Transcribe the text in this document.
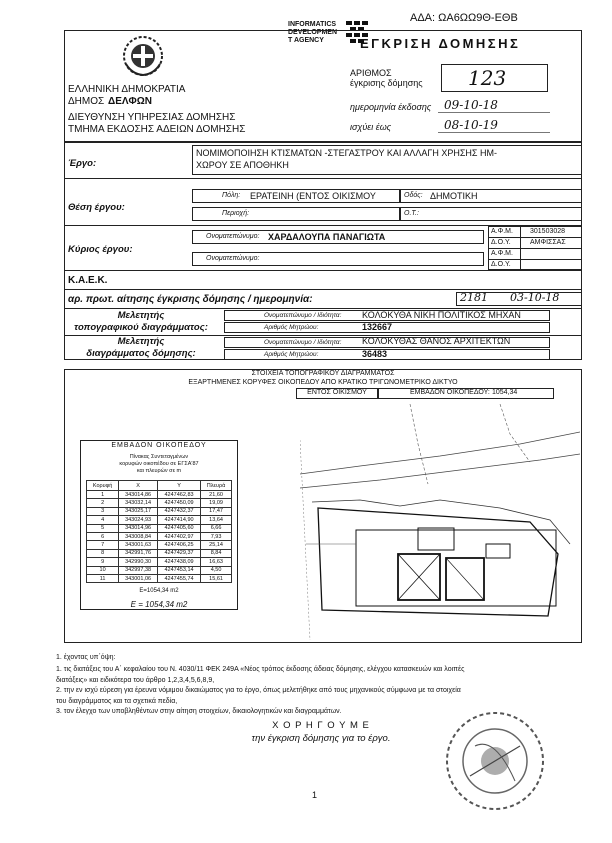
ΑΔΑ: ΩΑ6ΩΩ9Θ-ΕΘΒ
INFORMATICS
DEVELOPMEN
T AGENCY	ΕΓΚΡΙΣΗ ΔΟΜΗΣΗΣ
ΕΛΛΗΝΙΚΗ ΔΗΜΟΚΡΑΤΙΑ
ΔΗΜΟΣ ΔΕΛΦΩΝ
ΔΙΕΥΘΥΝΣΗ ΥΠΗΡΕΣΙΑΣ ΔΟΜΗΣΗΣ
ΤΜΗΜΑ ΕΚΔΟΣΗΣ ΑΔΕΙΩΝ ΔΟΜΗΣΗΣ
ΑΡΙΘΜΟΣ
έγκρισης δόμησης 123
ημερομηνία έκδοσης 09-10-18
ισχύει έως	08-10-19
Έργο:
ΝΟΜΙΜΟΠΟΙΗΣΗ ΚΤΙΣΜΑΤΩΝ -ΣΤΕΓΑΣΤΡΟΥ ΚΑΙ ΑΛΛΑΓΗ ΧΡΗΣΗΣ ΗΜ-
ΧΩΡΟΥ ΣΕ ΑΠΟΘΗΚΗ
Θέση έργου:
Πόλη: ΕΡΑΤΕΙΝΗ (ΕΝΤΟΣ ΟΙΚΙΣΜΟΥ	Οδός: ΔΗΜΟΤΙΚΗ
Περιοχή:	Ο.Τ.:
Κύριος έργου:
Ονοματεπώνυμο: ΧΑΡΔΑΛΟΥΠΑ ΠΑΝΑΓΙΩΤΑ
Ονοματεπώνυμο:
Α.Φ.Μ. 301503028
Δ.Ο.Υ.	ΑΜΦΙΣΣΑΣ
Α.Φ.Μ.
Δ.Ο.Υ.
Κ.Α.Ε.Κ.
αρ. πρωτ. αίτησης έγκρισης δόμησης / ημερομηνία:	2181 03-10-18
Μελετητής
τοπογραφικού διαγράμματος:
Ονοματεπώνυμο / Ιδιότητα: ΚΟΛΟΚΥΘΑ ΝΙΚΗ ΠΟΛΙΤΙΚΟΣ ΜΗΧΑΝ
Αριθμός Μητρώου:	132667
Μελετητής
διαγράμματος δόμησης:
Ονοματεπώνυμο / Ιδιότητα: ΚΟΛΟΚΥΘΑΣ ΘΑΝΟΣ ΑΡΧΙΤΕΚΤΩΝ
Αριθμός Μητρώου:	36483
ΣΤΟΙΧΕΙΑ ΤΟΠΟΓΡΑΦΙΚΟΥ ΔΙΑΓΡΑΜΜΑΤΟΣ
ΕΞΑΡΤΗΜΕΝΕΣ ΚΟΡΥΦΕΣ ΟΙΚΟΠΕΔΟΥ ΑΠΟ ΚΡΑΤΙΚΟ ΤΡΙΓΩΝΟΜΕΤΡΙΚΟ ΔΙΚΤΥΟ
ΕΝΤΟΣ ΟΙΚΙΣΜΟΥ	ΕΜΒΑΔΟΝ ΟΙΚΟΠΕΔΟΥ: 1054,34
ΕΜΒΑΔΟΝ ΟΙΚΟΠΕΔΟΥ
Πίνακας Συντεταγμένων
κορυφών οικοπέδου σε ΕΓΣΑ'87
και πλευρών σε m
Κορυφή	X	Y	Πλευρά
1	343014,86	4247462,83	21,60
2	343032,14	4247450,09	19,09
3	343025,17	4247432,37	17,47
4	343024,93	4247414,90	13,64
5	343014,96	4247405,60	6,66
6	343008,84	4247402,97	7,93
7	343001,63	4247406,25	25,14
8	342991,76	4247429,37	8,84
9	342990,30	4247438,09	16,63
10	342997,38	4247453,14	4,50
11	343001,06	4247455,74	15,61
Ε=1054,34 m2
Ε = 1054,34 m2
1. έχοντας υπ΄όψη:
1. τις διατάξεις του Α΄ κεφαλαίου του Ν. 4030/11 ΦΕΚ 249Α «Νέος τρόπος έκδοσης άδειας δόμησης, ελέγχου κατασκευών και λοιπές
διατάξεις» και ειδικότερα του άρθρο 1,2,3,4,5,6,8,9,
2. την εν ισχύ εύρεση για έρευνα νόμιμου δικαιώματος για το έργο, όπως μελετήθηκε από τους μηχανικούς σύμφωνα με τα στοιχεία
του διαγράμματος και τα σχετικά πεδία,
3. τον έλεγχο των υποβληθέντων στην αίτηση στοιχείων, δικαιολογητικών και διαγραμμάτων.
Χ Ο Ρ Η Γ Ο Υ Μ Ε
την έγκριση δόμησης για το έργο.
1
